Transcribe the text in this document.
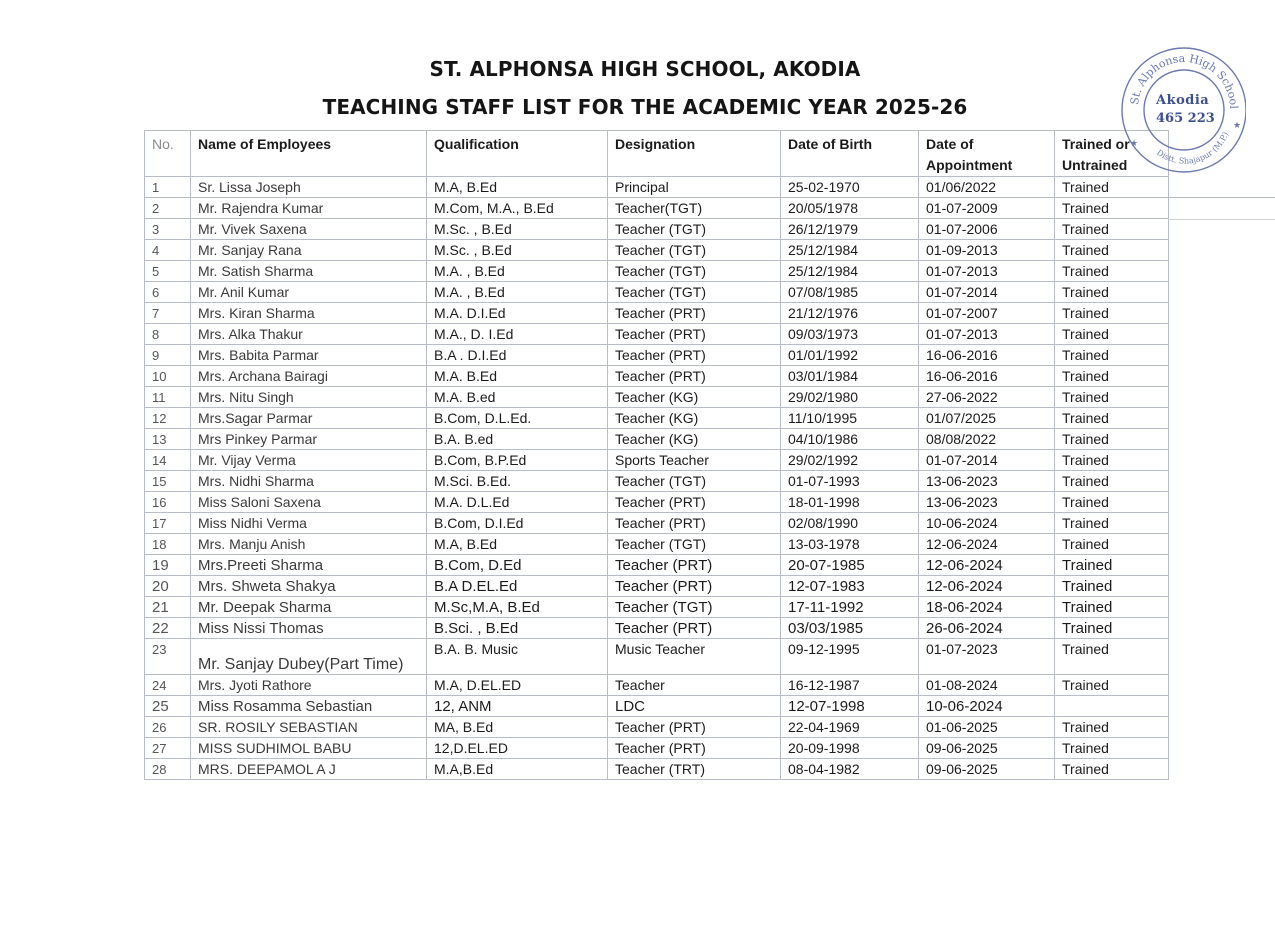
ST. ALPHONSA HIGH SCHOOL, AKODIA
TEACHING STAFF LIST FOR THE ACADEMIC YEAR 2025-26
No.	Name of Employees	Qualification	Designation	Date of Birth	Date of Appointment	Trained or Untrained
1	Sr. Lissa Joseph	M.A, B.Ed	Principal	25-02-1970	01/06/2022	Trained
2	Mr. Rajendra Kumar	M.Com, M.A., B.Ed	Teacher(TGT)	20/05/1978	01-07-2009	Trained
3	Mr. Vivek Saxena	M.Sc. , B.Ed	Teacher (TGT)	26/12/1979	01-07-2006	Trained
4	Mr. Sanjay Rana	M.Sc. , B.Ed	Teacher (TGT)	25/12/1984	01-09-2013	Trained
5	Mr. Satish Sharma	M.A. , B.Ed	Teacher (TGT)	25/12/1984	01-07-2013	Trained
6	Mr. Anil Kumar	M.A. , B.Ed	Teacher (TGT)	07/08/1985	01-07-2014	Trained
7	Mrs. Kiran Sharma	M.A. D.I.Ed	Teacher (PRT)	21/12/1976	01-07-2007	Trained
8	Mrs. Alka Thakur	M.A., D. I.Ed	Teacher (PRT)	09/03/1973	01-07-2013	Trained
9	Mrs. Babita Parmar	B.A . D.I.Ed	Teacher (PRT)	01/01/1992	16-06-2016	Trained
10	Mrs. Archana Bairagi	M.A. B.Ed	Teacher (PRT)	03/01/1984	16-06-2016	Trained
11	Mrs. Nitu Singh	M.A. B.ed	Teacher (KG)	29/02/1980	27-06-2022	Trained
12	Mrs.Sagar Parmar	B.Com, D.L.Ed.	Teacher (KG)	11/10/1995	01/07/2025	Trained
13	Mrs Pinkey Parmar	B.A. B.ed	Teacher (KG)	04/10/1986	08/08/2022	Trained
14	Mr. Vijay Verma	B.Com, B.P.Ed	Sports Teacher	29/02/1992	01-07-2014	Trained
15	Mrs. Nidhi Sharma	M.Sci. B.Ed.	Teacher (TGT)	01-07-1993	13-06-2023	Trained
16	Miss Saloni Saxena	M.A. D.L.Ed	Teacher (PRT)	18-01-1998	13-06-2023	Trained
17	Miss Nidhi Verma	B.Com, D.I.Ed	Teacher (PRT)	02/08/1990	10-06-2024	Trained
18	Mrs. Manju Anish	M.A, B.Ed	Teacher (TGT)	13-03-1978	12-06-2024	Trained
19	Mrs.Preeti Sharma	B.Com, D.Ed	Teacher (PRT)	20-07-1985	12-06-2024	Trained
20	Mrs. Shweta Shakya	B.A D.EL.Ed	Teacher (PRT)	12-07-1983	12-06-2024	Trained
21	Mr. Deepak Sharma	M.Sc,M.A, B.Ed	Teacher (TGT)	17-11-1992	18-06-2024	Trained
22	Miss Nissi Thomas	B.Sci. , B.Ed	Teacher (PRT)	03/03/1985	26-06-2024	Trained
23	Mr. Sanjay Dubey(Part Time)	B.A. B. Music	Music Teacher	09-12-1995	01-07-2023	Trained
24	Mrs. Jyoti Rathore	M.A, D.EL.ED	Teacher	16-12-1987	01-08-2024	Trained
25	Miss Rosamma Sebastian	12, ANM	LDC	12-07-1998	10-06-2024	
26	SR. ROSILY SEBASTIAN	MA, B.Ed	Teacher (PRT)	22-04-1969	01-06-2025	Trained
27	MISS SUDHIMOL BABU	12,D.EL.ED	Teacher (PRT)	20-09-1998	09-06-2025	Trained
28	MRS. DEEPAMOL A J	M.A,B.Ed	Teacher (TRT)	08-04-1982	09-06-2025	Trained
St. Alphonsa High School
Distt. Shajapur (M.P.)
★
★
Akodia
465 223
